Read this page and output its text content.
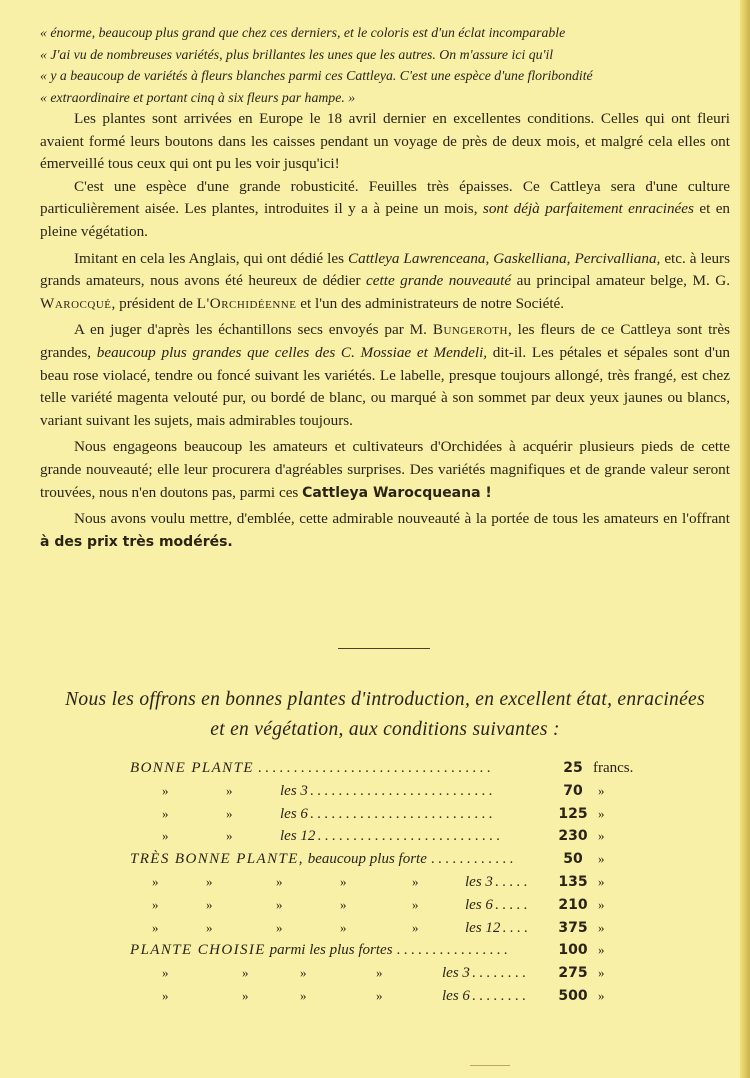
« énorme, beaucoup plus grand que chez ces derniers, et le coloris est d'un éclat incomparable

« J'ai vu de nombreuses variétés, plus brillantes les unes que les autres. On m'assure ici qu'il

« y a beaucoup de variétés à fleurs blanches parmi ces Cattleya. C'est une espèce d'une floribondité

« extraordinaire et portant cinq à six fleurs par hampe. »

Les plantes sont arrivées en Europe le 18 avril dernier en excellentes conditions. Celles qui ont fleuri avaient formé leurs boutons dans les caisses pendant un voyage de près de deux mois, et malgré cela elles ont émerveillé tous ceux qui ont pu les voir jusqu'ici!

C'est une espèce d'une grande robusticité. Feuilles très épaisses. Ce Cattleya sera d'une culture particulièrement aisée. Les plantes, introduites il y a à peine un mois, sont déjà parfaitement enracinées et en pleine végétation.

Imitant en cela les Anglais, qui ont dédié les Cattleya Lawrenceana, Gaskelliana, Percivalliana, etc. à leurs grands amateurs, nous avons été heureux de dédier cette grande nouveauté au principal amateur belge, M. G. Warocqué, président de L'Orchidéenne et l'un des administrateurs de notre Société.

A en juger d'après les échantillons secs envoyés par M. Bungeroth, les fleurs de ce Cattleya sont très grandes, beaucoup plus grandes que celles des C. Mossiae et Mendeli, dit-il. Les pétales et sépales sont d'un beau rose violacé, tendre ou foncé suivant les variétés. Le labelle, presque toujours allongé, très frangé, est chez telle variété magenta velouté pur, ou bordé de blanc, ou marqué à son sommet par deux yeux jaunes ou blancs, variant suivant les sujets, mais admirables toujours.

Nous engageons beaucoup les amateurs et cultivateurs d'Orchidées à acquérir plusieurs pieds de cette grande nouveauté; elle leur procurera d'agréables surprises. Des variétés magnifiques et de grande valeur seront trouvées, nous n'en doutons pas, parmi ces Cattleya Warocqueana !

Nous avons voulu mettre, d'emblée, cette admirable nouveauté à la portée de tous les amateurs en l'offrant à des prix très modérés.

Nous les offrons en bonnes plantes d'introduction, en excellent état, enracinées
et en végétation, aux conditions suivantes :
BONNE PLANTE .................................	25 francs.
»	»	les 3 ..........................	70	»
»	»	les 6 ..........................	125 »
»	»	les 12 ..........................	230 »
TRÈS BONNE PLANTE, beaucoup plus forte ............	50	»
»	»	»	»	»	les 3 .....	135 »
»	»	»	»	»	les 6 .....	210 »
»	»	»	»	»	les 12 ....	375 »
PLANTE CHOISIE parmi les plus fortes ................	100 »
»	»	»	»	les 3 ........	275 »
»	»	»	»	les 6 ........	500 »
